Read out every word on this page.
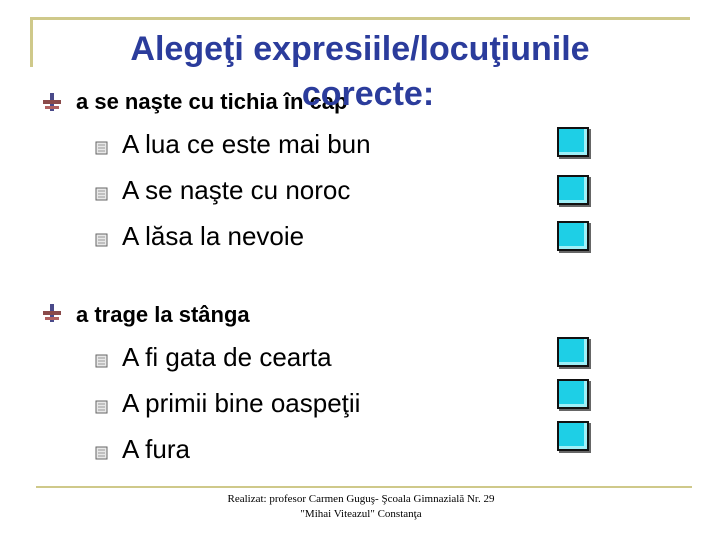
Alegeţi expresiile/locuţiunile
a se naşte cu tichia în cap
corecte:
A lua ce este mai bun
A se naşte cu noroc
A lăsa la nevoie
a trage la stânga
A fi gata de cearta
A primii bine oaspeţii
A fura
Realizat: profesor Carmen Guguş- Şcoala Gimnazială Nr. 29
"Mihai Viteazul" Constanţa
